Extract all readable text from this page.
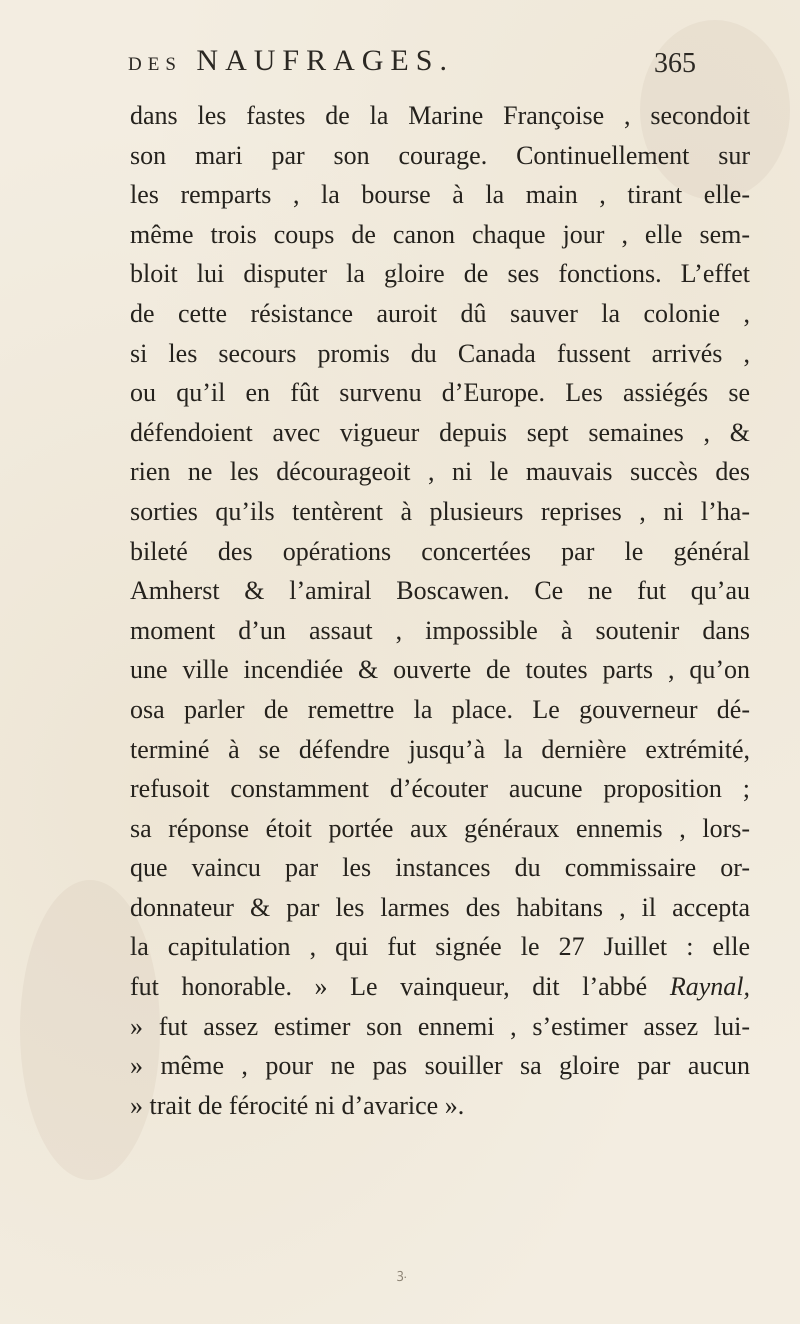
DES NAUFRAGES.	365
dans les fastes de la Marine Françoise , secondoit
son mari par son courage. Continuellement sur
les remparts , la bourse à la main , tirant elle-
même trois coups de canon chaque jour , elle sem-
bloit lui disputer la gloire de ses fonctions. L’effet
de cette résistance auroit dû sauver la colonie ,
si les secours promis du Canada fussent arrivés ,
ou qu’il en fût survenu d’Europe. Les assiégés se
défendoient avec vigueur depuis sept semaines , &
rien ne les décourageoit , ni le mauvais succès des
sorties qu’ils tentèrent à plusieurs reprises , ni l’ha-
bileté des opérations concertées par le général
Amherst & l’amiral Boscawen. Ce ne fut qu’au
moment d’un assaut , impossible à soutenir dans
une ville incendiée & ouverte de toutes parts , qu’on
osa parler de remettre la place. Le gouverneur dé-
terminé à se défendre jusqu’à la dernière extrémité,
refusoit constamment d’écouter aucune proposition ;
sa réponse étoit portée aux généraux ennemis , lors-
que vaincu par les instances du commissaire or-
donnateur & par les larmes des habitans , il accepta
la capitulation , qui fut signée le 27 Juillet : elle
fut honorable. » Le vainqueur, dit l’abbé Raynal,
» fut assez estimer son ennemi , s’estimer assez lui-
» même , pour ne pas souiller sa gloire par aucun
» trait de férocité ni d’avarice ».
ꝫ.
